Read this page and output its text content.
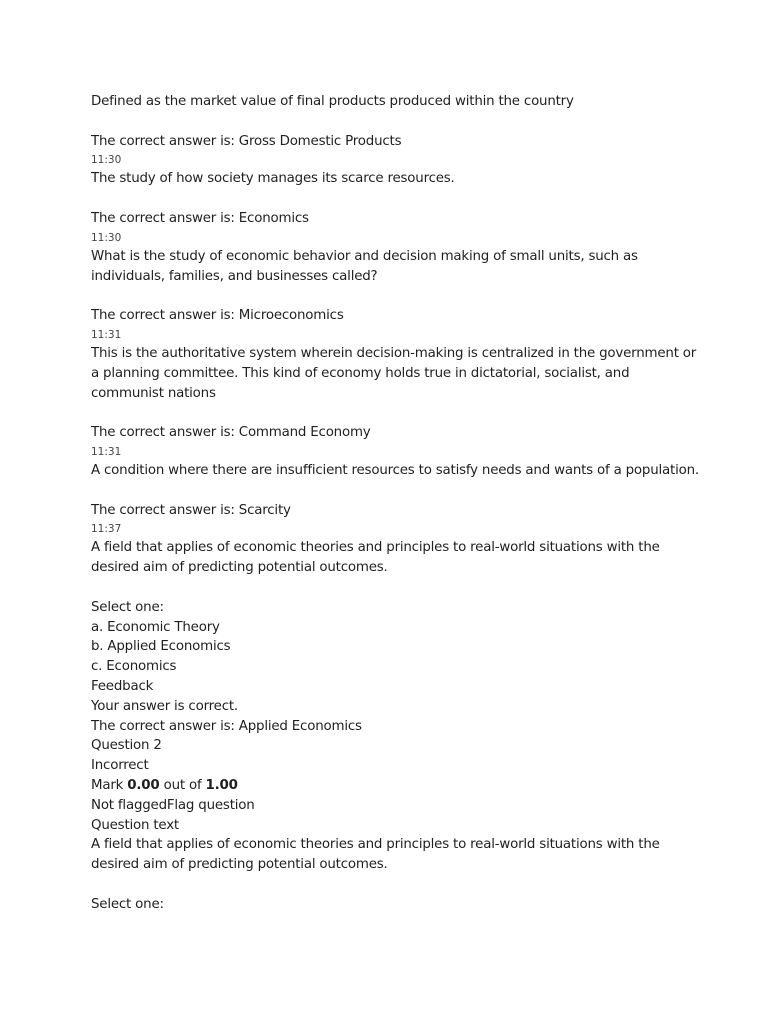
Defined as the market value of final products produced within the country
The correct answer is: Gross Domestic Products
11:30
The study of how society manages its scarce resources.
The correct answer is: Economics
11:30
What is the study of economic behavior and decision making of small units, such as individuals, families, and businesses called?
The correct answer is: Microeconomics
11:31
This is the authoritative system wherein decision-making is centralized in the government or a planning committee. This kind of economy holds true in dictatorial, socialist, and communist nations
The correct answer is: Command Economy
11:31
A condition where there are insufficient resources to satisfy needs and wants of a population.
The correct answer is: Scarcity
11:37
A field that applies of economic theories and principles to real-world situations with the desired aim of predicting potential outcomes.
Select one:
a. Economic Theory
b. Applied Economics
c. Economics
Feedback
Your answer is correct.
The correct answer is: Applied Economics
Question 2
Incorrect
Mark 0.00 out of 1.00
Not flaggedFlag question
Question text
A field that applies of economic theories and principles to real-world situations with the desired aim of predicting potential outcomes.
Select one:
